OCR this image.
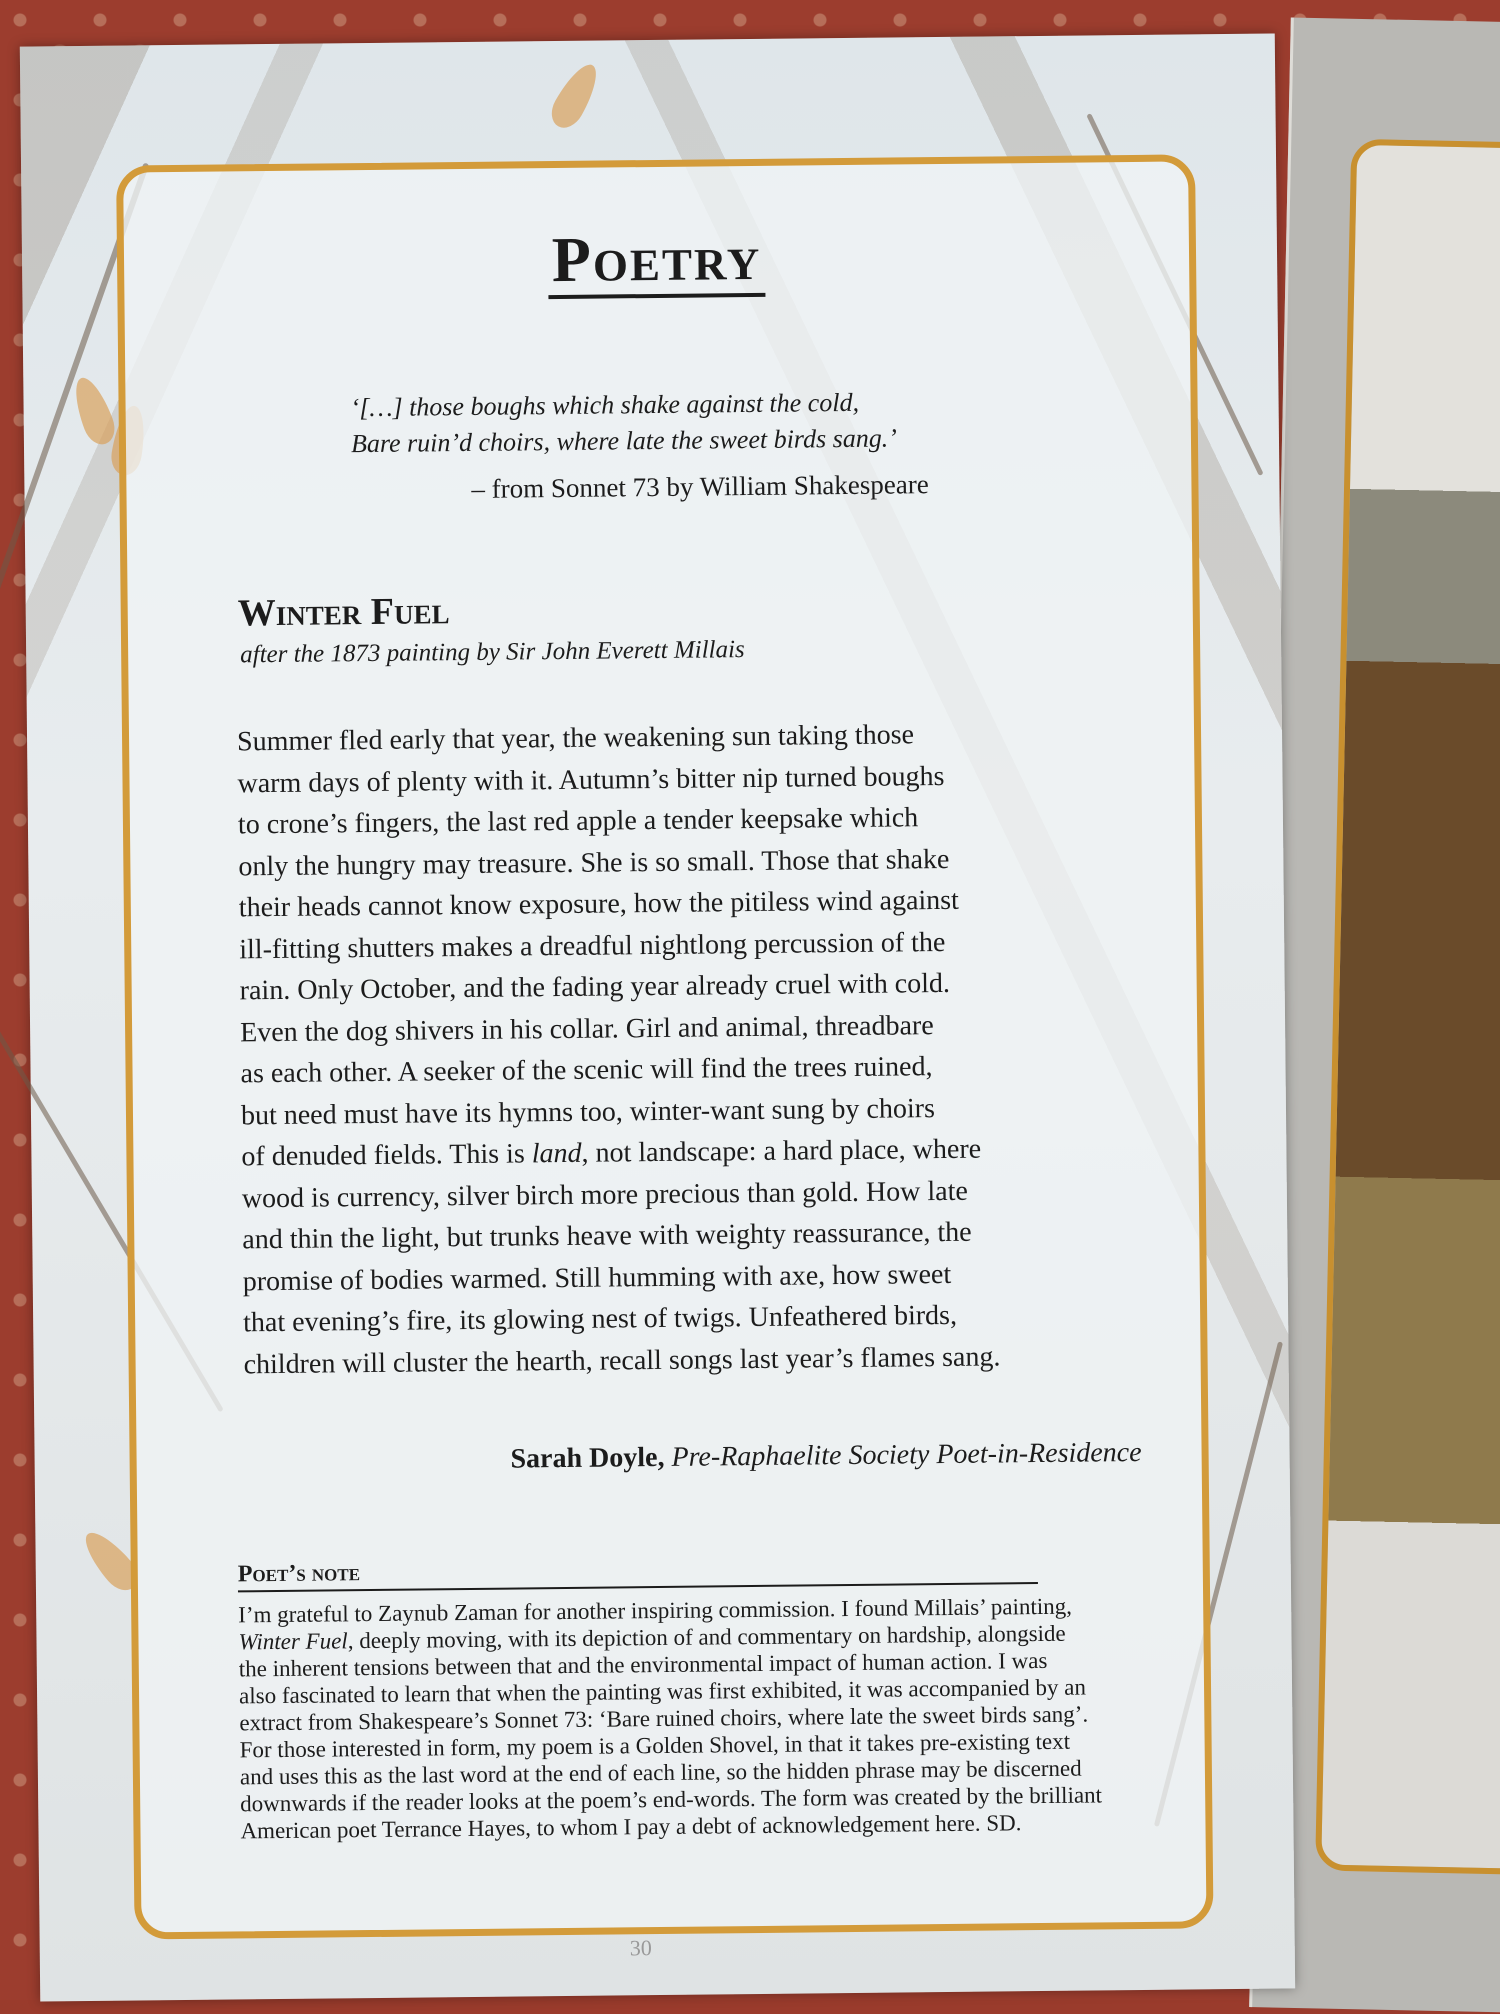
Poetry
‘[…] those boughs which shake against the cold,
Bare ruin’d choirs, where late the sweet birds sang.’
– from Sonnet 73 by William Shakespeare
Winter Fuel
after the 1873 painting by Sir John Everett Millais
Summer fled early that year, the weakening sun taking those
warm days of plenty with it. Autumn’s bitter nip turned boughs
to crone’s fingers, the last red apple a tender keepsake which
only the hungry may treasure. She is so small. Those that shake
their heads cannot know exposure, how the pitiless wind against
ill-fitting shutters makes a dreadful nightlong percussion of the
rain. Only October, and the fading year already cruel with cold.
Even the dog shivers in his collar. Girl and animal, threadbare
as each other. A seeker of the scenic will find the trees ruined,
but need must have its hymns too, winter-want sung by choirs
of denuded fields. This is land, not landscape: a hard place, where
wood is currency, silver birch more precious than gold. How late
and thin the light, but trunks heave with weighty reassurance, the
promise of bodies warmed. Still humming with axe, how sweet
that evening’s fire, its glowing nest of twigs. Unfeathered birds,
children will cluster the hearth, recall songs last year’s flames sang.
Sarah Doyle, Pre-Raphaelite Society Poet-in-Residence
Poet’s note
I’m grateful to Zaynub Zaman for another inspiring commission. I found Millais’ painting,
Winter Fuel, deeply moving, with its depiction of and commentary on hardship, alongside
the inherent tensions between that and the environmental impact of human action. I was
also fascinated to learn that when the painting was first exhibited, it was accompanied by an
extract from Shakespeare’s Sonnet 73: ‘Bare ruined choirs, where late the sweet birds sang’.
For those interested in form, my poem is a Golden Shovel, in that it takes pre-existing text
and uses this as the last word at the end of each line, so the hidden phrase may be discerned
downwards if the reader looks at the poem’s end-words. The form was created by the brilliant
American poet Terrance Hayes, to whom I pay a debt of acknowledgement here. SD.
30
